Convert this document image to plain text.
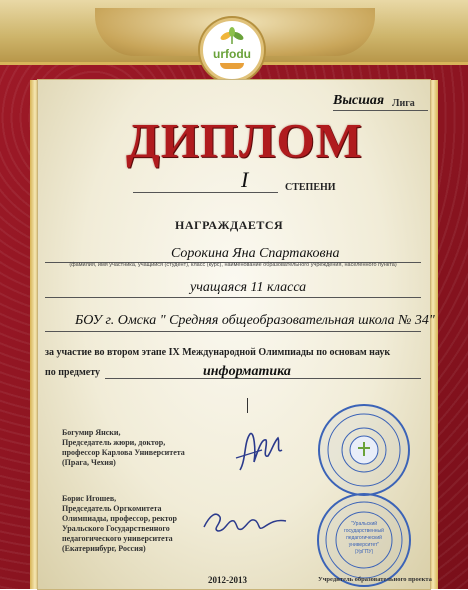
urfodu
Высшая Лига
ДИПЛОМ
I	СТЕПЕНИ
НАГРАЖДАЕТСЯ
Сорокина Яна Спартаковна
(фамилия, имя участника, учащийся (студент), класс (курс), наименование образовательного учреждения, населенного пункта)
учащаяся 11 класса
БОУ г. Омска " Средняя общеобразовательная школа № 34"
за участие во втором этапе IX Международной Олимпиады по основам наук
по предмету	информатика
Богумир Янски,
Председатель жюри, доктор,
профессор Карлова Университета
(Прага, Чехия)
Борис Игошев,
Председатель Оргкомитета
Олимпиады, профессор, ректор
Уральского Государственного
педагогического университета
(Екатеринбург, Россия)
"Уральский
государственный
педагогический
университет"
(УрГПУ)
2012-2013	Учредитель образовательного проекта
